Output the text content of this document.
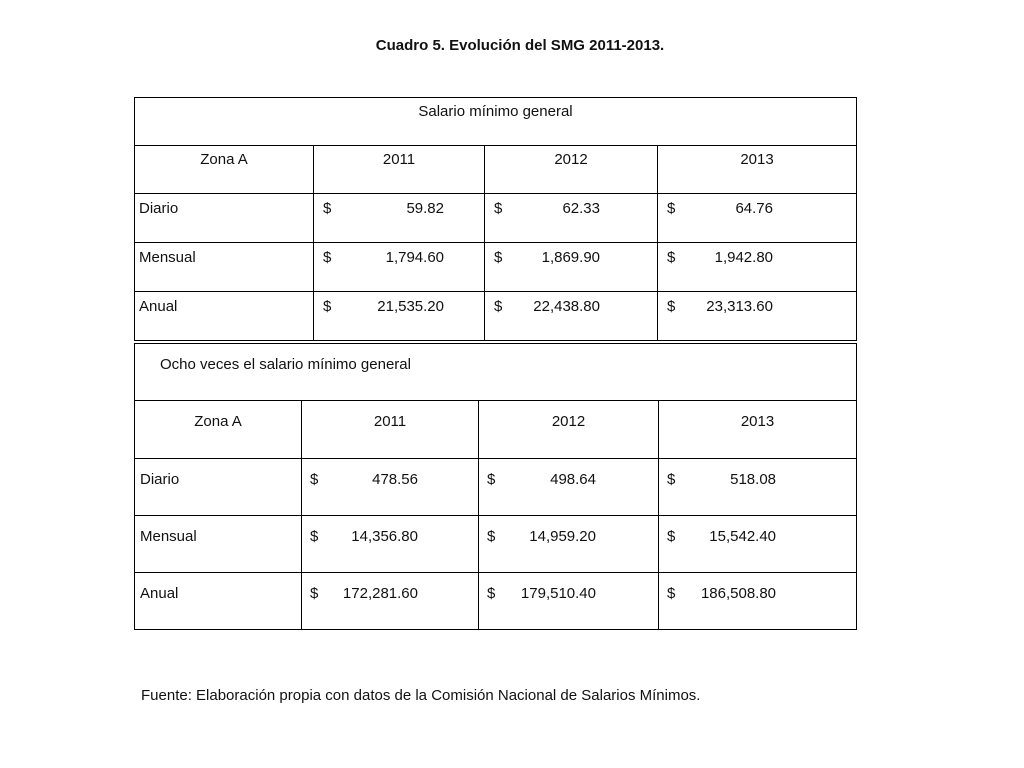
Cuadro 5. Evolución del SMG 2011-2013.
Salario mínimo general			
Zona A	2011	2012	2013
Diario	$ 59.82	$ 62.33	$ 64.76

Mensual	$ 1,794.60	$ 1,869.90	$ 1,942.80

Anual	$ 21,535.20	$ 22,438.80	$ 23,313.60
Ocho veces el salario mínimo general			
Zona A	2011	2012	2013
Diario	$ 478.56	$ 498.64	$ 518.08

Mensual	$ 14,356.80	$ 14,959.20	$ 15,542.40

Anual	$ 172,281.60	$ 179,510.40	$ 186,508.80
Fuente: Elaboración propia con datos de la Comisión Nacional de Salarios Mínimos.
